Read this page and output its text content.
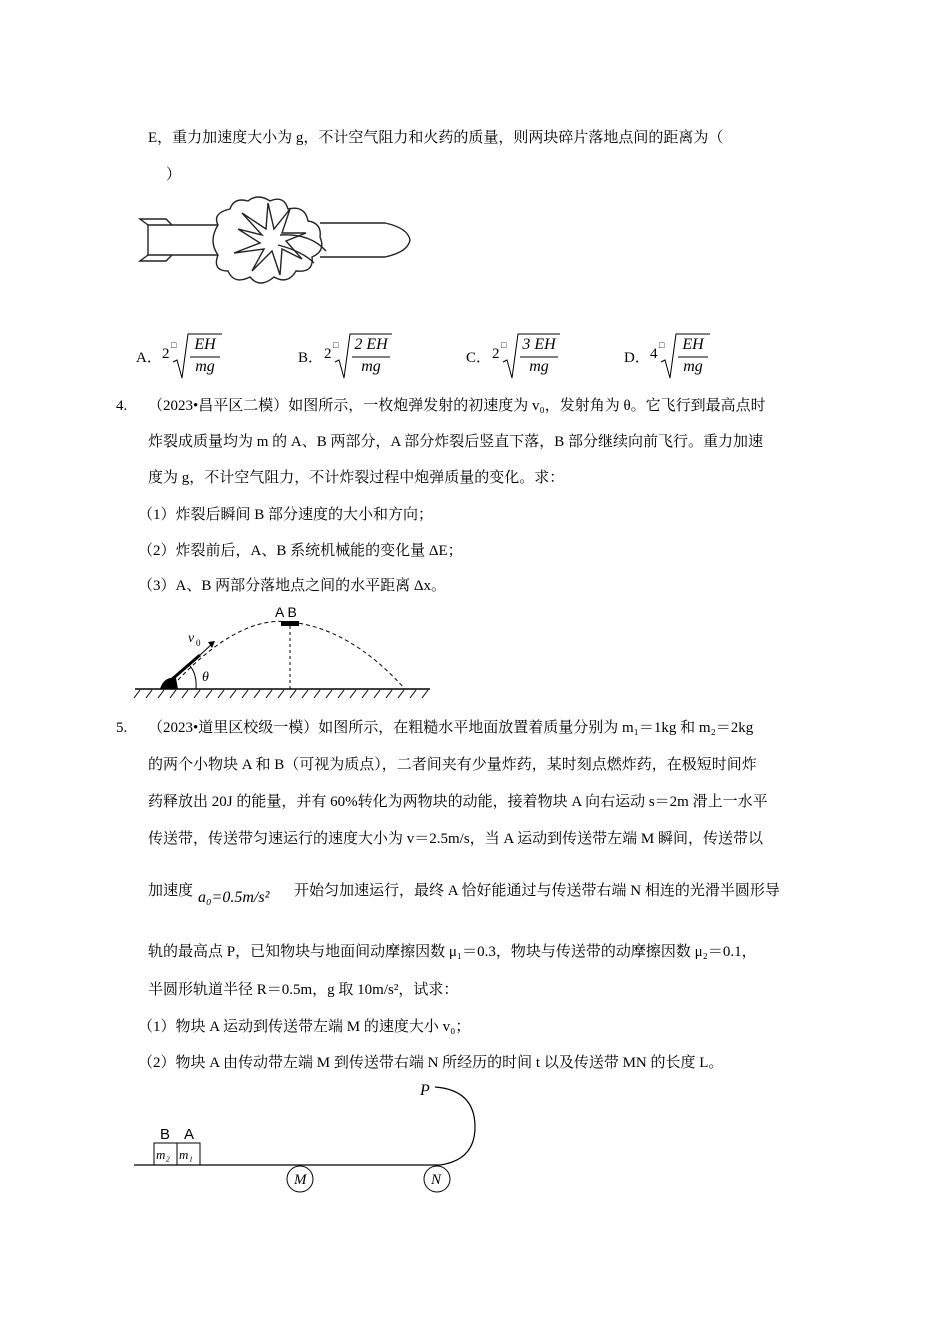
E，重力加速度大小为 g，不计空气阻力和火药的质量，则两块碎片落地点间的距离为（
）
A． 2
□ EH
mg	B． 2
□ 2 EH
mg	C． 2
□ 3 EH
mg	D． 4
□ EH
mg
4. （2023•昌平区二模）如图所示，一枚炮弹发射的初速度为 v₀，发射角为 θ。它飞行到最高点时
炸裂成质量均为 m 的 A、B 两部分，A 部分炸裂后竖直下落，B 部分继续向前飞行。重力加速
度为 g，不计空气阻力，不计炸裂过程中炮弹质量的变化。求：
（1）炸裂后瞬间 B 部分速度的大小和方向；
（2）炸裂前后，A、B 系统机械能的变化量 ΔE；
（3）A、B 两部分落地点之间的水平距离 Δx。
A B
v 0
θ
5. （2023•道里区校级一模）如图所示，在粗糙水平地面放置着质量分别为 m₁＝1kg 和 m₂＝2kg
的两个小物块 A 和 B（可视为质点），二者间夹有少量炸药，某时刻点燃炸药，在极短时间炸
药释放出 20J 的能量，并有 60%转化为两物块的动能，接着物块 A 向右运动 s＝2m 滑上一水平
传送带，传送带匀速运行的速度大小为 v＝2.5m/s，当 A 运动到传送带左端 M 瞬间，传送带以
加速度 a₀=0.5m/s² 开始匀加速运行，最终 A 恰好能通过与传送带右端 N 相连的光滑半圆形导
轨的最高点 P，已知物块与地面间动摩擦因数 μ₁＝0.3，物块与传送带的动摩擦因数 μ₂＝0.1，
半圆形轨道半径 R＝0.5m，g 取 10m/s²，试求：
（1）物块 A 运动到传送带左端 M 的速度大小 v₀；
（2）物块 A 由传动带左端 M 到传送带右端 N 所经历的时间 t 以及传送带 MN 的长度 L。
P
B A
m₂ m₁
M	N
